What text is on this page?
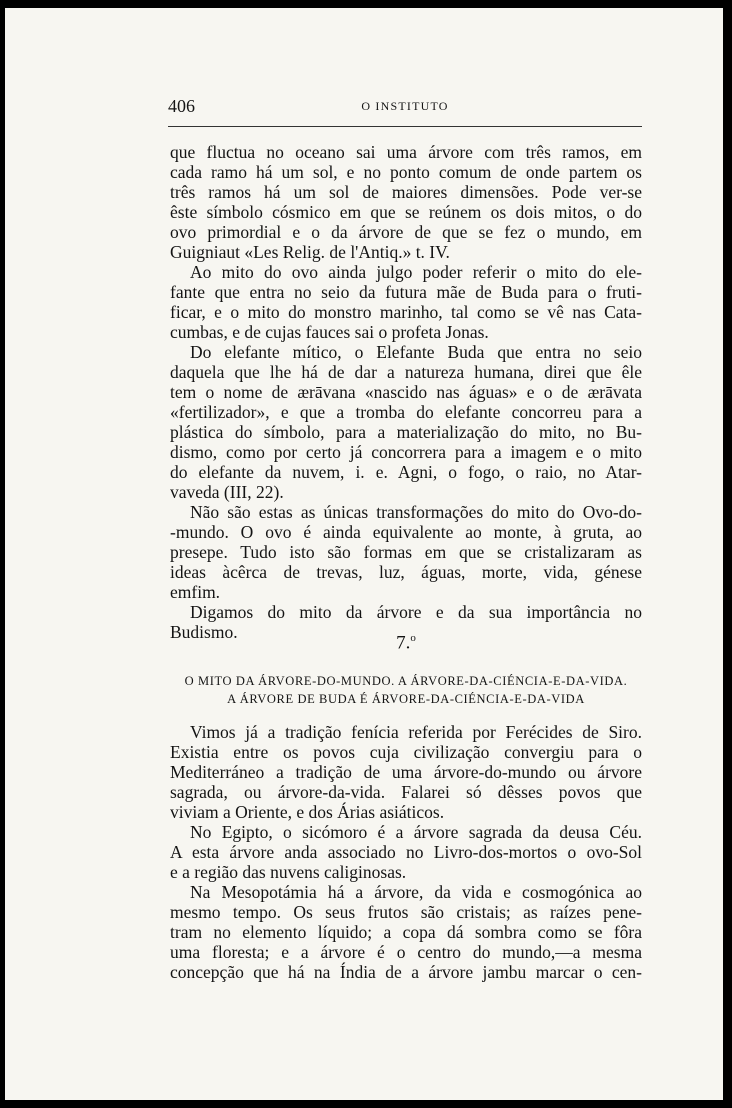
406	O INSTITUTO

que fluctua no oceano sai uma árvore com três ramos, em

cada ramo há um sol, e no ponto comum de onde partem os

três ramos há um sol de maiores dimensões. Pode ver-se

êste símbolo cósmico em que se reúnem os dois mitos, o do

ovo primordial e o da árvore de que se fez o mundo, em

Guigniaut «Les Relig. de l'Antiq.» t. IV.

Ao mito do ovo ainda julgo poder referir o mito do ele-

fante que entra no seio da futura mãe de Buda para o fruti-

ficar, e o mito do monstro marinho, tal como se vê nas Cata-

cumbas, e de cujas fauces sai o profeta Jonas.

Do elefante mítico, o Elefante Buda que entra no seio

daquela que lhe há de dar a natureza humana, direi que êle

tem o nome de ærāvana «nascido nas águas» e o de ærāvata

«fertilizador», e que a tromba do elefante concorreu para a

plástica do símbolo, para a materialização do mito, no Bu-

dismo, como por certo já concorrera para a imagem e o mito

do elefante da nuvem, i. e. Agni, o fogo, o raio, no Atar-

vaveda (III, 22).

Não são estas as únicas transformações do mito do Ovo-do-

-mundo. O ovo é ainda equivalente ao monte, à gruta, ao

presepe. Tudo isto são formas em que se cristalizaram as

ideas àcêrca de trevas, luz, águas, morte, vida, génese

emfim.

Digamos do mito da árvore e da sua importância no

Budismo.

7.$^o$
O MITO DA ÁRVORE-DO-MUNDO. A ÁRVORE-DA-CIÉNCIA-E-DA-VIDA.
A ÁRVORE DE BUDA É ÁRVORE-DA-CIÉNCIA-E-DA-VIDA

Vimos já a tradição fenícia referida por Ferécides de Siro.

Existia entre os povos cuja civilização convergiu para o

Mediterráneo a tradição de uma árvore-do-mundo ou árvore

sagrada, ou árvore-da-vida. Falarei só dêsses povos que

viviam a Oriente, e dos Árias asiáticos.

No Egipto, o sicómoro é a árvore sagrada da deusa Céu.

A esta árvore anda associado no Livro-dos-mortos o ovo-Sol

e a região das nuvens caliginosas.

Na Mesopotámia há a árvore, da vida e cosmogónica ao

mesmo tempo. Os seus frutos são cristais; as raízes pene-

tram no elemento líquido; a copa dá sombra como se fôra

uma floresta; e a árvore é o centro do mundo,—a mesma

concepção que há na Índia de a árvore jambu marcar o cen-
